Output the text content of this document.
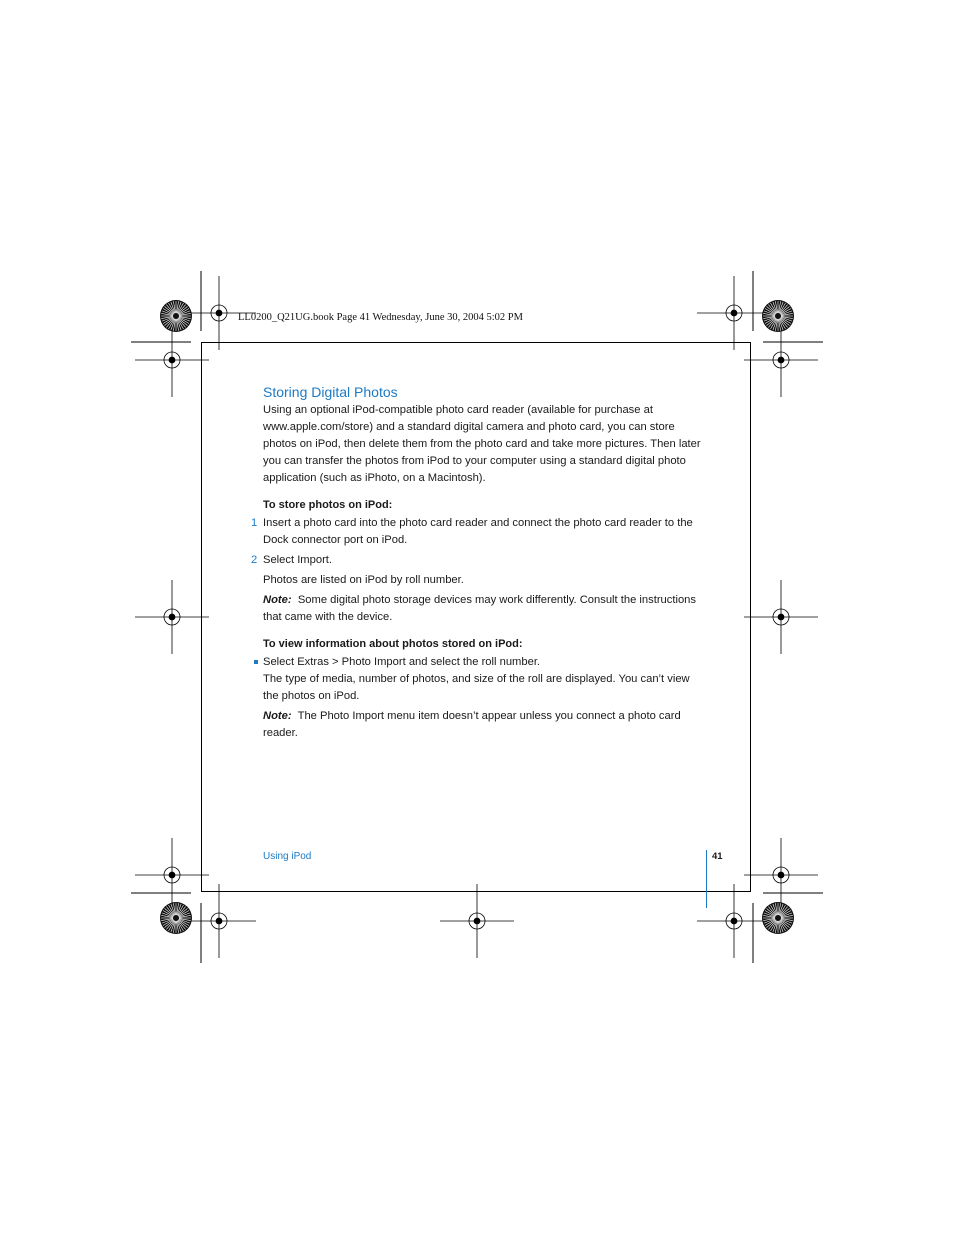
LL0200_Q21UG.book Page 41 Wednesday, June 30, 2004 5:02 PM
Storing Digital Photos

Using an optional iPod-compatible photo card reader (available for purchase at www.apple.com/store) and a standard digital camera and photo card, you can store photos on iPod, then delete them from the photo card and take more pictures. Then later you can transfer the photos from iPod to your computer using a standard digital photo application (such as iPhoto, on a Macintosh).

To store photos on iPod:

1 Insert a photo card into the photo card reader and connect the photo card reader to the Dock connector port on iPod.
2 Select Import.

Photos are listed on iPod by roll number.

Note: Some digital photo storage devices may work differently. Consult the instructions that came with the device.

To view information about photos stored on iPod:

Select Extras > Photo Import and select the roll number.

The type of media, number of photos, and size of the roll are displayed. You can’t view the photos on iPod.

Note: The Photo Import menu item doesn’t appear unless you connect a photo card reader.

Using iPod	41
